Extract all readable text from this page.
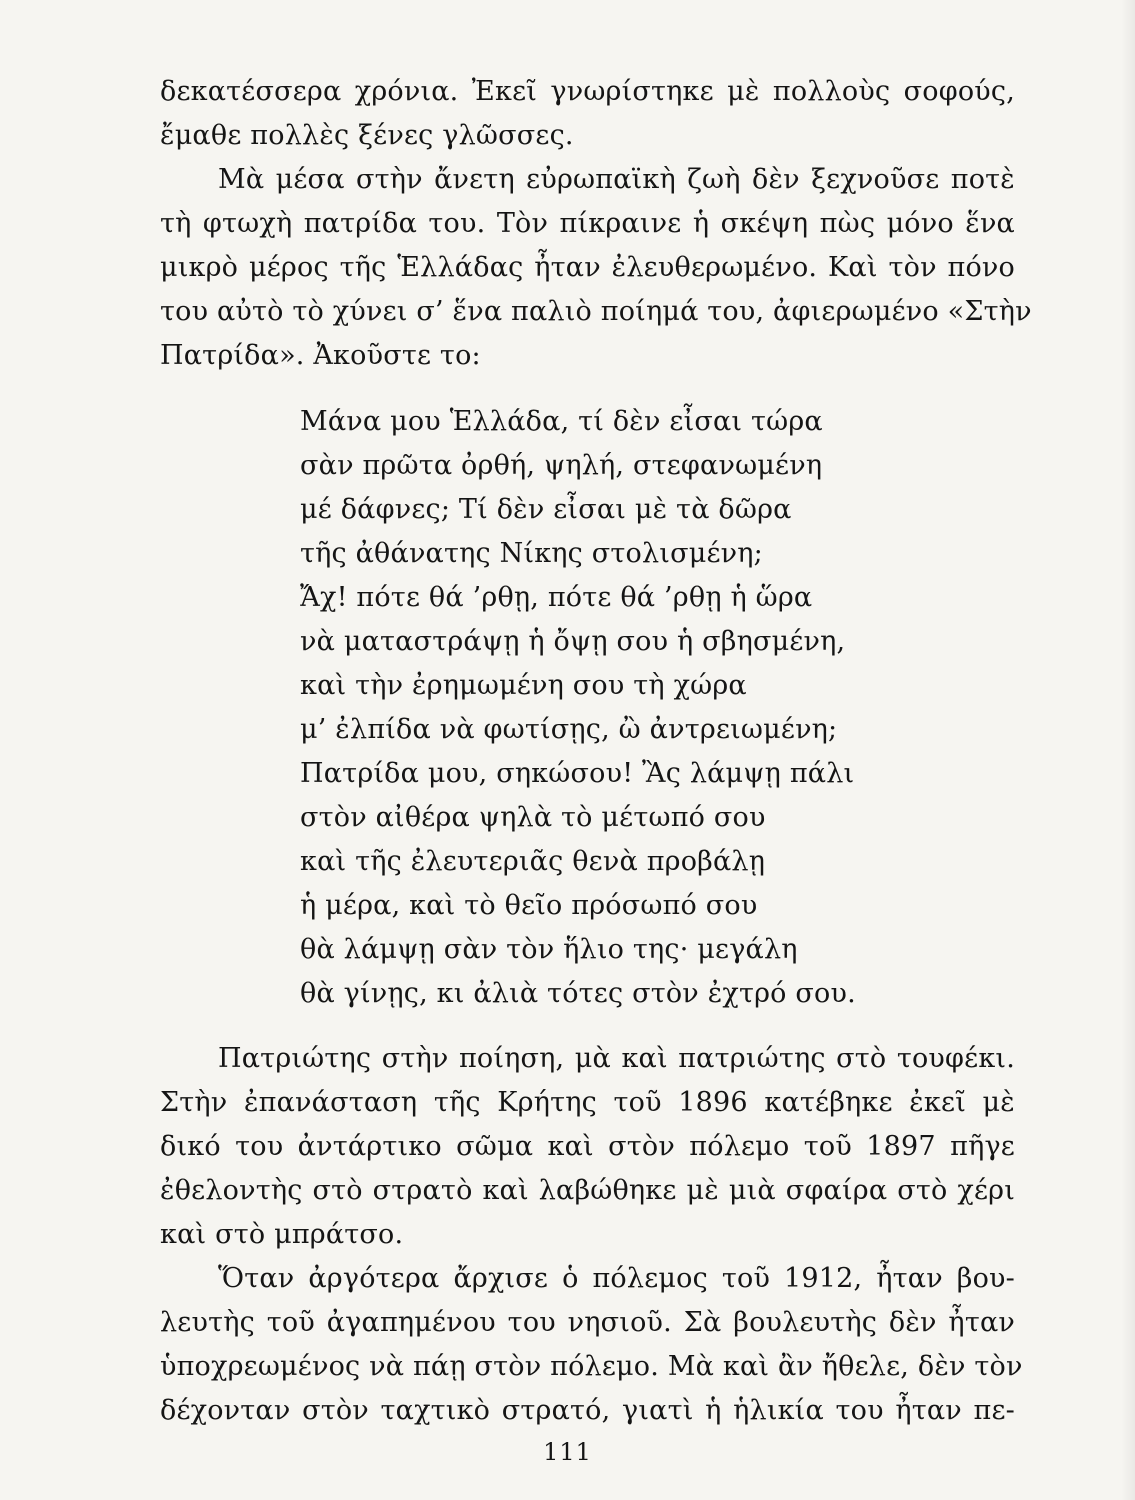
δεκατέσσερα χρόνια. Ἐκεῖ γνωρίστηκε μὲ πολλοὺς σοφούς,
ἔμαθε πολλὲς ξένες γλῶσσες.
Μὰ μέσα στὴν ἄνετη εὐρωπαϊκὴ ζωὴ δὲν ξεχνοῦσε ποτὲ
τὴ φτωχὴ πατρίδα του. Τὸν πίκραινε ἡ σκέψη πὼς μόνο ἕνα
μικρὸ μέρος τῆς Ἑλλάδας ἦταν ἐλευθερωμένο. Καὶ τὸν πόνο
του αὐτὸ τὸ χύνει σ’ ἕνα παλιὸ ποίημά του, ἀφιερωμένο «Στὴν
Πατρίδα». Ἀκοῦστε το:
Μάνα μου Ἑλλάδα, τί δὲν εἶσαι τώρα
σὰν πρῶτα ὀρθή, ψηλή, στεφανωμένη
μέ δάφνες; Τί δὲν εἶσαι μὲ τὰ δῶρα
τῆς ἀθάνατης Νίκης στολισμένη;
Ἄχ! πότε θά ’ρθῃ, πότε θά ’ρθῃ ἡ ὥρα
νὰ ματαστράψῃ ἡ ὄψῃ σου ἡ σβησμένη,
καὶ τὴν ἐρημωμένη σου τὴ χώρα
μ’ ἐλπίδα νὰ φωτίσῃς, ὢ ἀντρειωμένη;
Πατρίδα μου, σηκώσου! Ἂς λάμψῃ πάλι
στὸν αἰθέρα ψηλὰ τὸ μέτωπό σου
καὶ τῆς ἐλευτεριᾶς θενὰ προβάλῃ
ἡ μέρα, καὶ τὸ θεῖο πρόσωπό σου
θὰ λάμψῃ σὰν τὸν ἥλιο της· μεγάλη
θὰ γίνῃς, κι ἀλιὰ τότες στὸν ἐχτρό σου.
Πατριώτης στὴν ποίηση, μὰ καὶ πατριώτης στὸ τουφέκι.
Στὴν ἐπανάσταση τῆς Κρήτης τοῦ 1896 κατέβηκε ἐκεῖ μὲ
δικό του ἀντάρτικο σῶμα καὶ στὸν πόλεμο τοῦ 1897 πῆγε
ἐθελοντὴς στὸ στρατὸ καὶ λαβώθηκε μὲ μιὰ σφαίρα στὸ χέρι
καὶ στὸ μπράτσο.
Ὅταν ἀργότερα ἄρχισε ὁ πόλεμος τοῦ 1912, ἦταν βου-
λευτὴς τοῦ ἀγαπημένου του νησιοῦ. Σὰ βουλευτὴς δὲν ἦταν
ὑποχρεωμένος νὰ πάῃ στὸν πόλεμο. Μὰ καὶ ἂν ἤθελε, δὲν τὸν
δέχονταν στὸν ταχτικὸ στρατό, γιατὶ ἡ ἡλικία του ἦταν πε-
111
